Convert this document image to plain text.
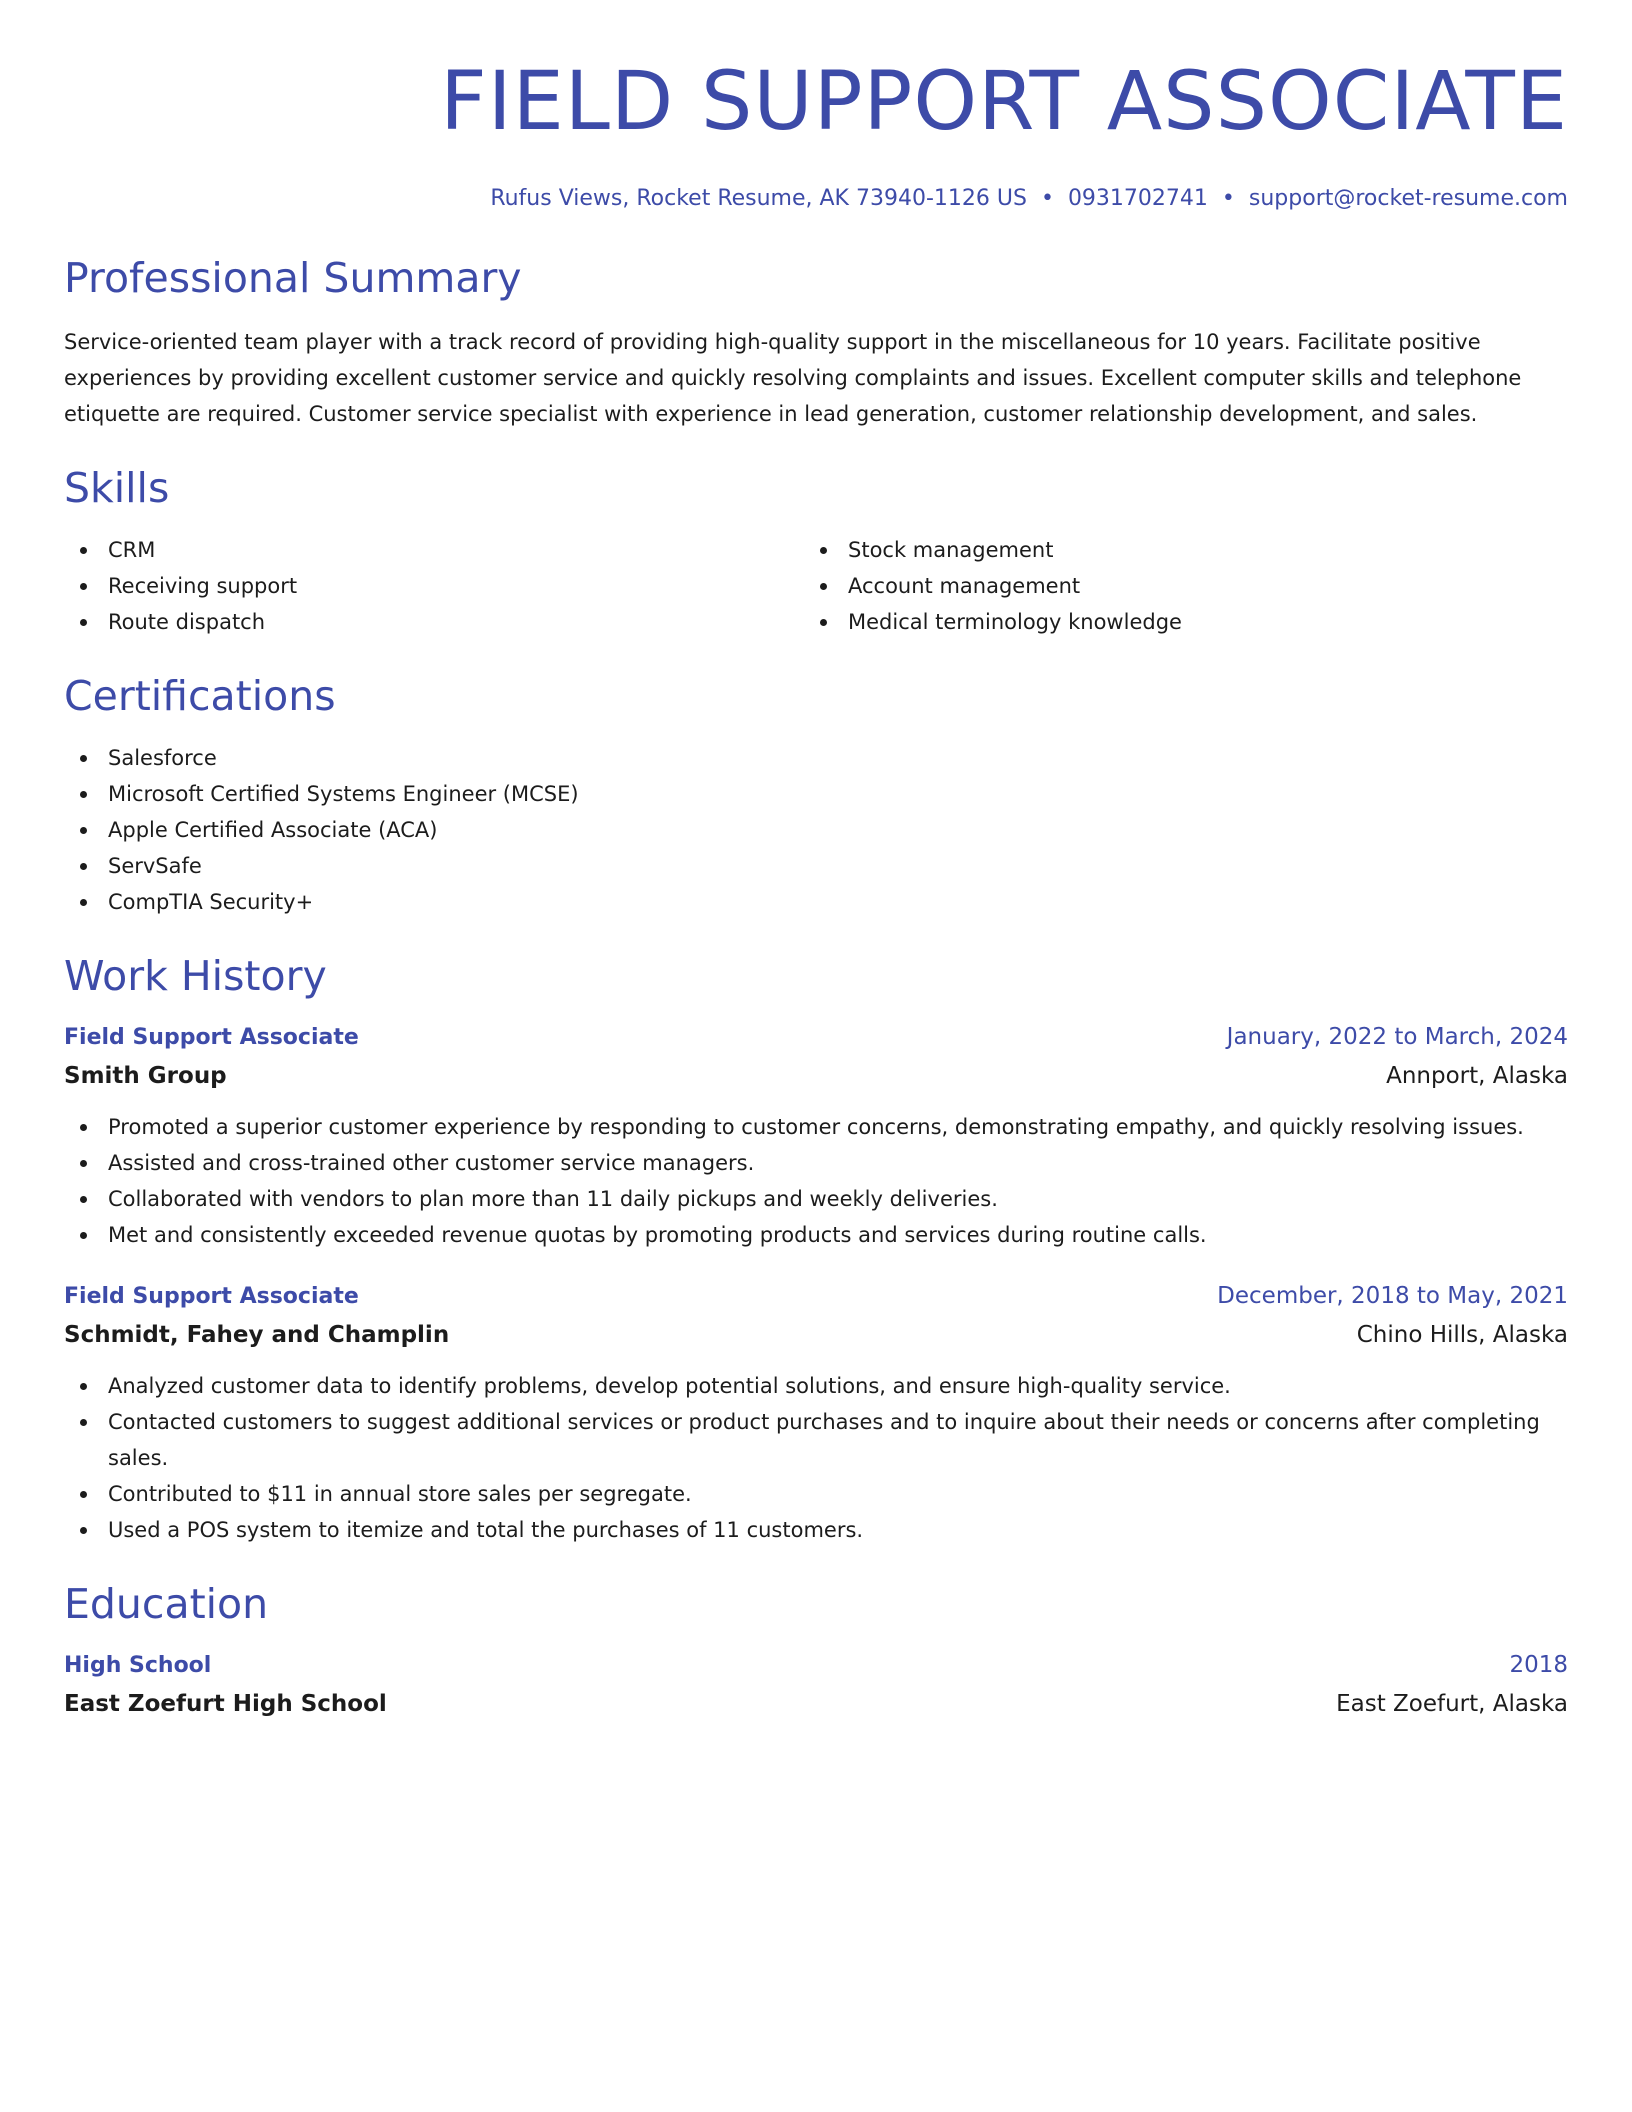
FIELD SUPPORT ASSOCIATE
Rufus Views, Rocket Resume, AK 73940-1126 US • 0931702741 • support@rocket-resume.com
Professional Summary

Service-oriented team player with a track record of providing high-quality support in the miscellaneous for 10 years. Facilitate positive experiences by providing excellent customer service and quickly resolving complaints and issues. Excellent computer skills and telephone etiquette are required. Customer service specialist with experience in lead generation, customer relationship development, and sales.

Skills
CRM
Receiving support
Route dispatch
Stock management
Account management
Medical terminology knowledge
Certifications
Salesforce
Microsoft Certified Systems Engineer (MCSE)
Apple Certified Associate (ACA)
ServSafe
CompTIA Security+
Work History
Field Support Associate	January, 2022 to March, 2024
Smith Group	Annport, Alaska
Promoted a superior customer experience by responding to customer concerns, demonstrating empathy, and quickly resolving issues.
Assisted and cross-trained other customer service managers.
Collaborated with vendors to plan more than 11 daily pickups and weekly deliveries.
Met and consistently exceeded revenue quotas by promoting products and services during routine calls.
Field Support Associate	December, 2018 to May, 2021
Schmidt, Fahey and Champlin	Chino Hills, Alaska
Analyzed customer data to identify problems, develop potential solutions, and ensure high-quality service.
Contacted customers to suggest additional services or product purchases and to inquire about their needs or concerns after completing sales.
Contributed to $11 in annual store sales per segregate.
Used a POS system to itemize and total the purchases of 11 customers.
Education
High School	2018
East Zoefurt High School	East Zoefurt, Alaska
